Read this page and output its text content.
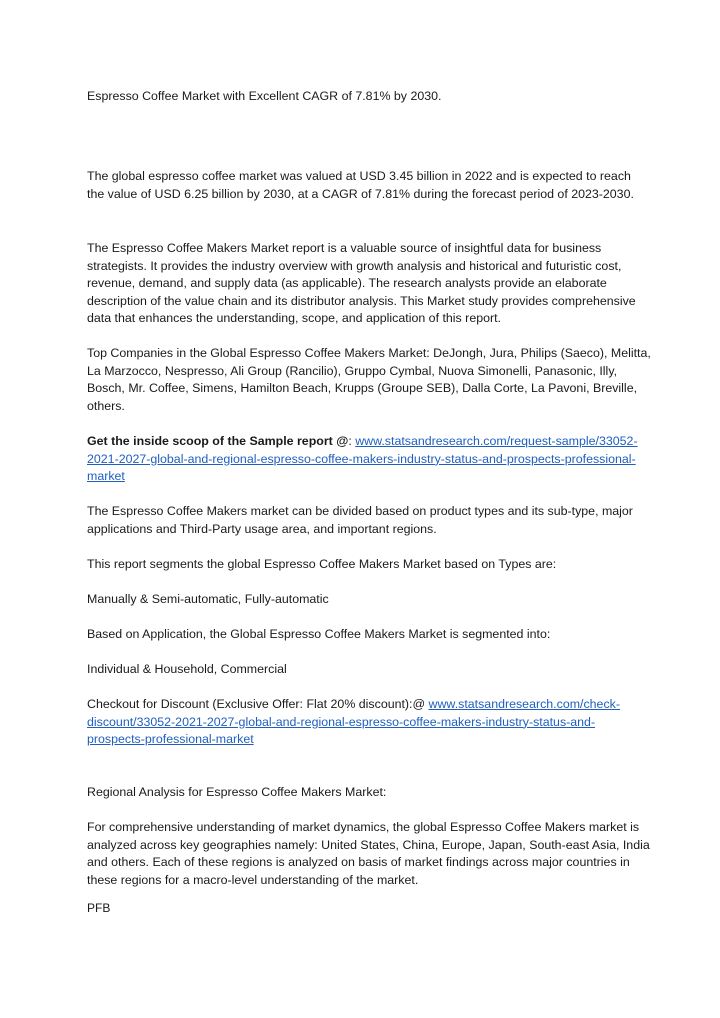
Espresso Coffee Market with Excellent CAGR of 7.81% by 2030.
The global espresso coffee market was valued at USD 3.45 billion in 2022 and is expected to reach
the value of USD 6.25 billion by 2030, at a CAGR of 7.81% during the forecast period of 2023-2030.
The Espresso Coffee Makers Market report is a valuable source of insightful data for business
strategists. It provides the industry overview with growth analysis and historical and futuristic cost,
revenue, demand, and supply data (as applicable). The research analysts provide an elaborate
description of the value chain and its distributor analysis. This Market study provides comprehensive
data that enhances the understanding, scope, and application of this report.
Top Companies in the Global Espresso Coffee Makers Market: DeJongh, Jura, Philips (Saeco), Melitta,
La Marzocco, Nespresso, Ali Group (Rancilio), Gruppo Cymbal, Nuova Simonelli, Panasonic, Illy,
Bosch, Mr. Coffee, Simens, Hamilton Beach, Krupps (Groupe SEB), Dalla Corte, La Pavoni, Breville,
others.
Get the inside scoop of the Sample report @: www.statsandresearch.com/request-sample/33052-
2021-2027-global-and-regional-espresso-coffee-makers-industry-status-and-prospects-professional-
market
The Espresso Coffee Makers market can be divided based on product types and its sub-type, major
applications and Third-Party usage area, and important regions.
This report segments the global Espresso Coffee Makers Market based on Types are:
Manually & Semi-automatic, Fully-automatic
Based on Application, the Global Espresso Coffee Makers Market is segmented into:
Individual & Household, Commercial
Checkout for Discount (Exclusive Offer: Flat 20% discount):@ www.statsandresearch.com/check-
discount/33052-2021-2027-global-and-regional-espresso-coffee-makers-industry-status-and-
prospects-professional-market
Regional Analysis for Espresso Coffee Makers Market:
For comprehensive understanding of market dynamics, the global Espresso Coffee Makers market is
analyzed across key geographies namely: United States, China, Europe, Japan, South-east Asia, India
and others. Each of these regions is analyzed on basis of market findings across major countries in
these regions for a macro-level understanding of the market.
PFB
